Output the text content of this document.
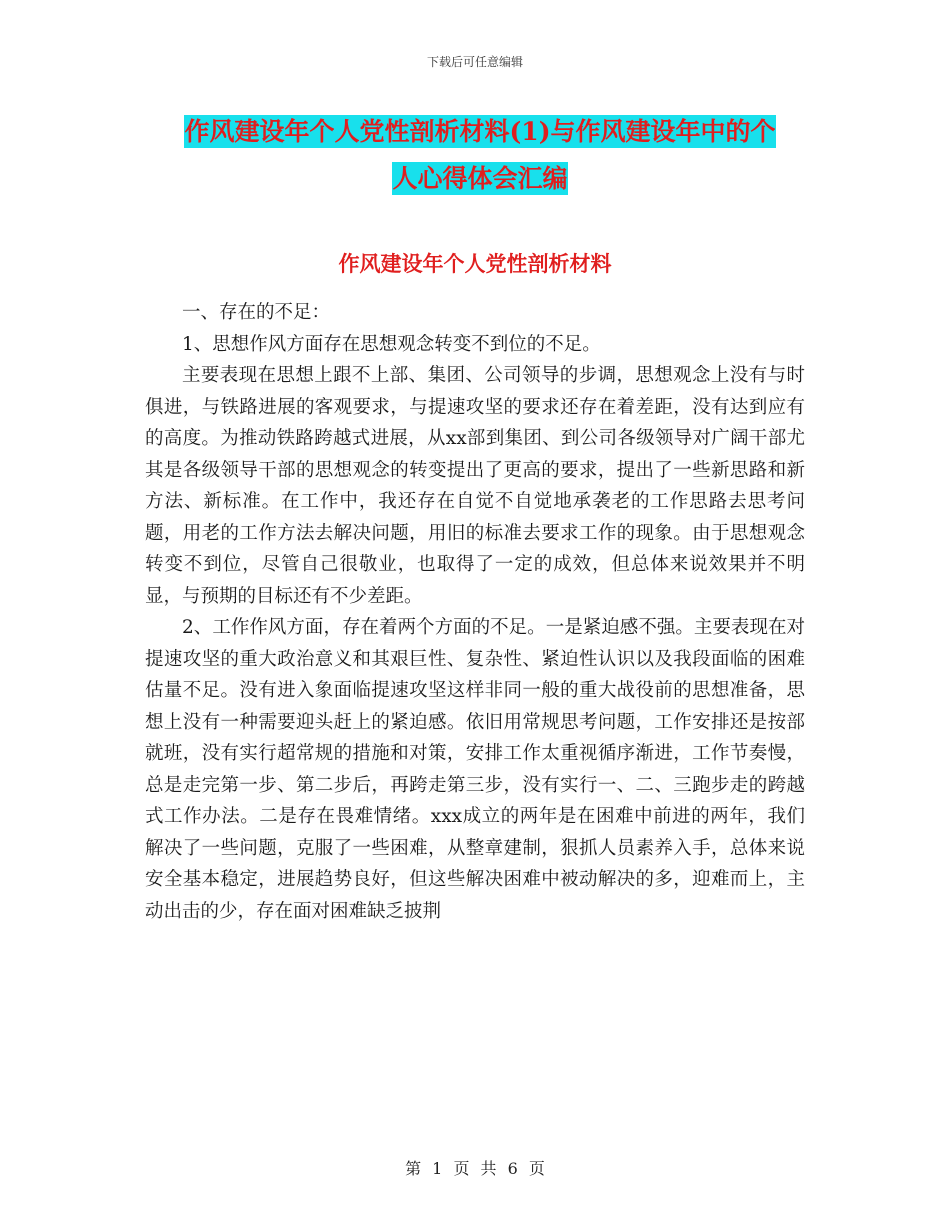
下载后可任意编辑
作风建设年个人党性剖析材料(1)与作风建设年中的个
人心得体会汇编
作风建设年个人党性剖析材料

一、存在的不足：

1、思想作风方面存在思想观念转变不到位的不足。

主要表现在思想上跟不上部、集团、公司领导的步调，思想观念上没有与时俱进，与铁路进展的客观要求，与提速攻坚的要求还存在着差距，没有达到应有的高度。为推动铁路跨越式进展，从xx部到集团、到公司各级领导对广阔干部尤其是各级领导干部的思想观念的转变提出了更高的要求，提出了一些新思路和新方法、新标准。在工作中，我还存在自觉不自觉地承袭老的工作思路去思考问题，用老的工作方法去解决问题，用旧的标准去要求工作的现象。由于思想观念转变不到位，尽管自己很敬业，也取得了一定的成效，但总体来说效果并不明显，与预期的目标还有不少差距。

2、工作作风方面，存在着两个方面的不足。一是紧迫感不强。主要表现在对提速攻坚的重大政治意义和其艰巨性、复杂性、紧迫性认识以及我段面临的困难估量不足。没有进入象面临提速攻坚这样非同一般的重大战役前的思想准备，思想上没有一种需要迎头赶上的紧迫感。依旧用常规思考问题，工作安排还是按部就班，没有实行超常规的措施和对策，安排工作太重视循序渐进，工作节奏慢，总是走完第一步、第二步后，再跨走第三步，没有实行一、二、三跑步走的跨越式工作办法。二是存在畏难情绪。xxx成立的两年是在困难中前进的两年，我们解决了一些问题，克服了一些困难，从整章建制，狠抓人员素养入手，总体来说安全基本稳定，进展趋势良好，但这些解决困难中被动解决的多，迎难而上，主动出击的少，存在面对困难缺乏披荆

第 1 页 共 6 页
